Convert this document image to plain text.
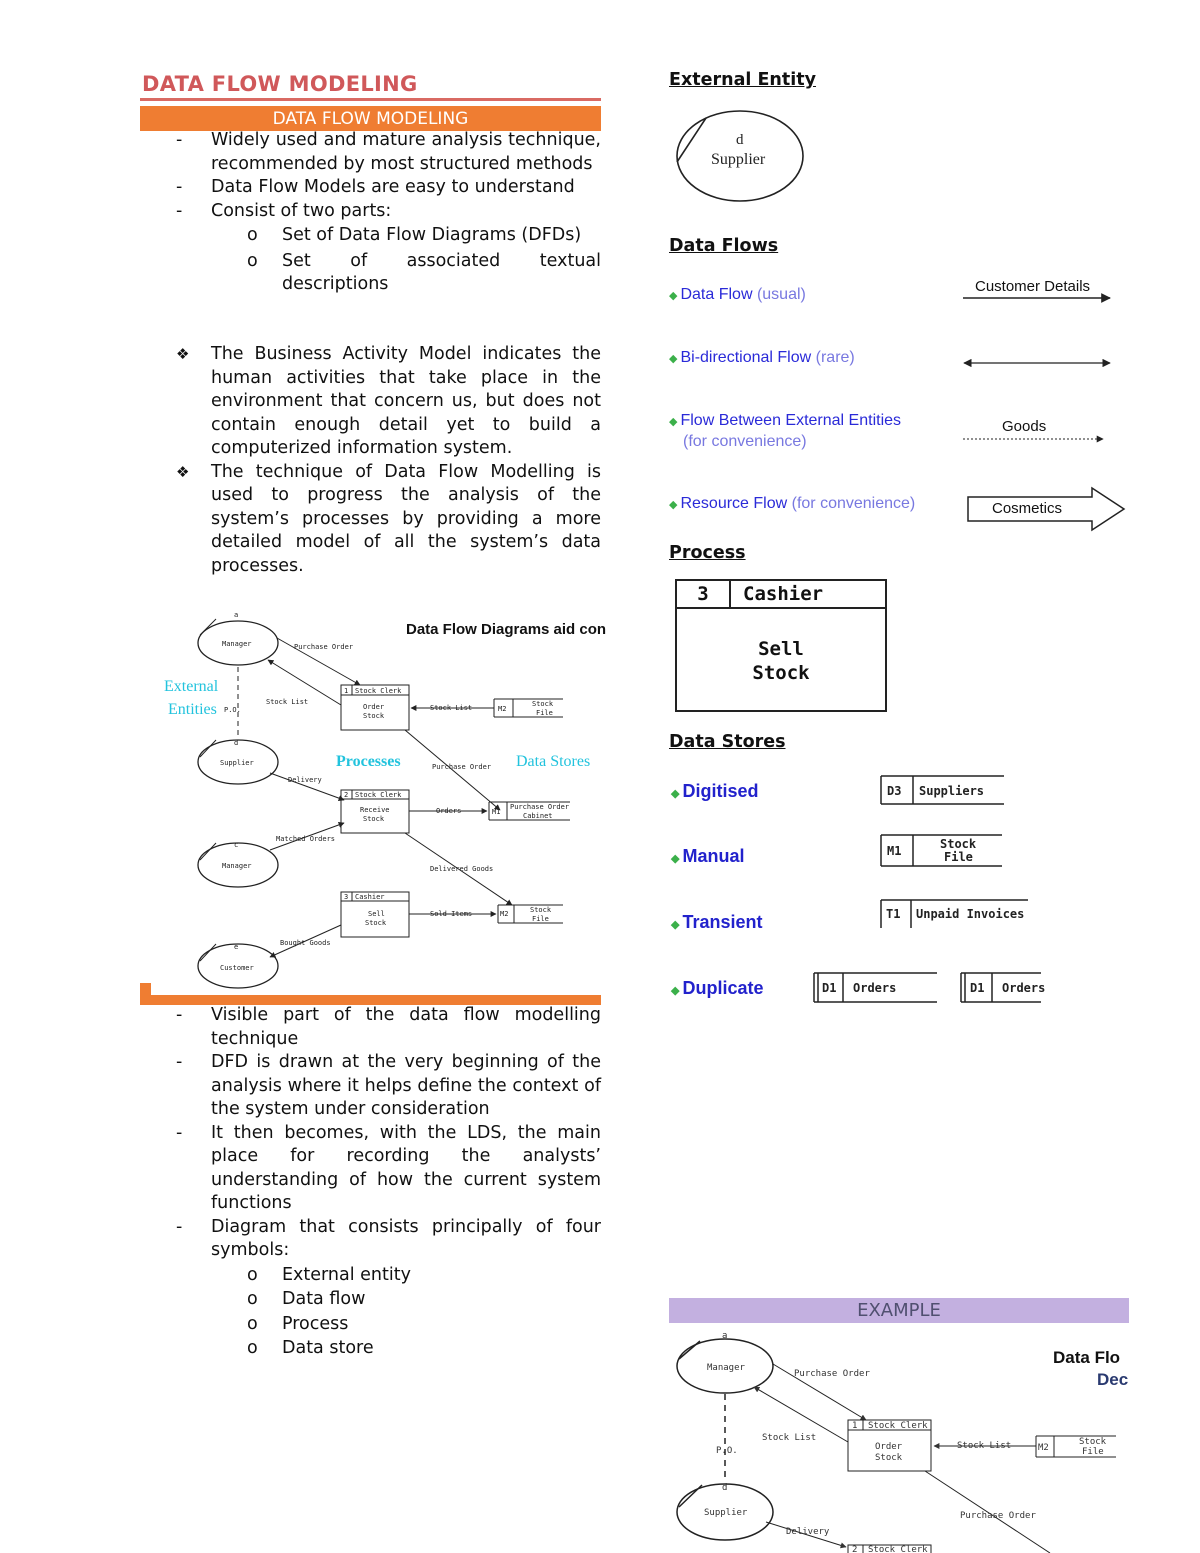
DATA FLOW MODELING
DATA FLOW MODELING
- Widely used and mature analysis technique, recommended by most structured methods
- Data Flow Models are easy to understand
- Consist of two parts:
o Set of Data Flow Diagrams (DFDs)
o Set of associated textual descriptions
❖ The Business Activity Model indicates the human activities that take place in the environment that concern us, but does not contain enough detail yet to build a computerized information system.
❖ The technique of Data Flow Modelling is used to progress the analysis of the system’s processes by providing a more detailed model of all the system’s data processes.
Data Flow Diagrams aid con
a
Manager
d
Supplier
c
Manager
e
Customer
P.O.
1 Stock Clerk
Order
Stock
M2
Stock
File
Stock List
Purchase Order
Stock List
External
Entities
Processes	Data Stores
Purchase Order
2 Stock Clerk
Receive
Stock
Delivery
M1
Purchase Order
Cabinet
Orders
Matched Orders
Delivered Goods
3 Cashier
Sell
Stock
M2	Stock
File
Sold Items
Bought Goods
DATA FLOW DIAGRAMS
- Visible part of the data flow modelling technique
- DFD is drawn at the very beginning of the analysis where it helps define the context of the system under consideration
- It then becomes, with the LDS, the main place for recording the analysts’ understanding of how the current system functions
- Diagram that consists principally of four symbols:
o External entity
o Data flow
o Process
o Data store
External Entity
d
Supplier
Data Flows
◆ Data Flow (usual)
◆ Bi-directional Flow (rare)
◆ Flow Between External Entities
(for convenience)
◆ Resource Flow (for convenience)
Customer Details
Goods
Cosmetics
Process
3	Cashier
Sell
Stock
Data Stores
◆ Digitised
◆ Manual
◆ Transient
◆ Duplicate
D3 Suppliers
M1	Stock
File
T1 Unpaid Invoices
D1 Orders	D1 Orders
EXAMPLE
Data Flo
Dec
a
Manager
P.O.
d
Supplier
Purchase Order
Stock List
1 Stock Clerk
Order
Stock
M2
Stock
File
Stock List
Purchase Order
Delivery
2 Stock Clerk
